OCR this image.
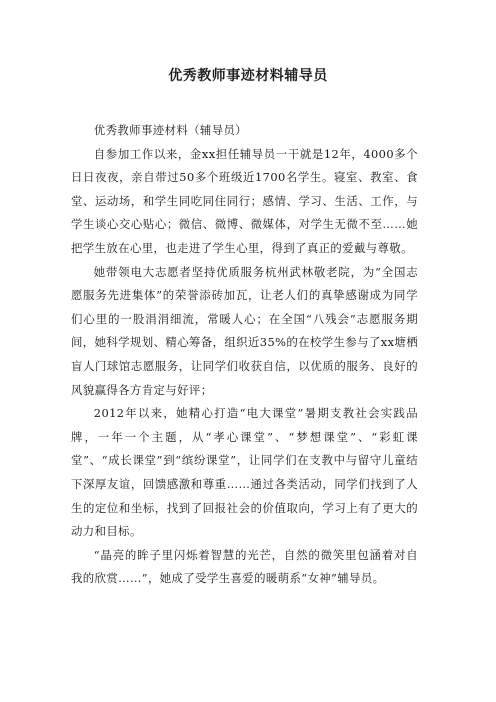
优秀教师事迹材料辅导员

优秀教师事迹材料（辅导员）

自参加工作以来，金xx担任辅导员一干就是12年，4000多个日日夜夜，亲自带过50多个班级近1700名学生。寝室、教室、食堂、运动场，和学生同吃同住同行；感情、学习、生活、工作，与学生谈心交心贴心；微信、微博、微媒体，对学生无微不至……她把学生放在心里，也走进了学生心里，得到了真正的爱戴与尊敬。

她带领电大志愿者坚持优质服务杭州武林敬老院，为“全国志愿服务先进集体”的荣誉添砖加瓦，让老人们的真挚感谢成为同学们心里的一股涓涓细流，常暖人心；在全国“八残会”志愿服务期间，她科学规划、精心筹备，组织近35%的在校学生参与了xx塘栖盲人门球馆志愿服务，让同学们收获自信，以优质的服务、良好的风貌赢得各方肯定与好评；

2012年以来，她精心打造“电大课堂”暑期支教社会实践品牌，一年一个主题，从“孝心课堂”、“梦想课堂”、“彩虹课堂”、“成长课堂”到“缤纷课堂”，让同学们在支教中与留守儿童结下深厚友谊，回馈感激和尊重……通过各类活动，同学们找到了人生的定位和坐标，找到了回报社会的价值取向，学习上有了更大的动力和目标。

“晶亮的眸子里闪烁着智慧的光芒，自然的微笑里包涵着对自我的欣赏……”，她成了受学生喜爱的暖萌系“女神”辅导员。
